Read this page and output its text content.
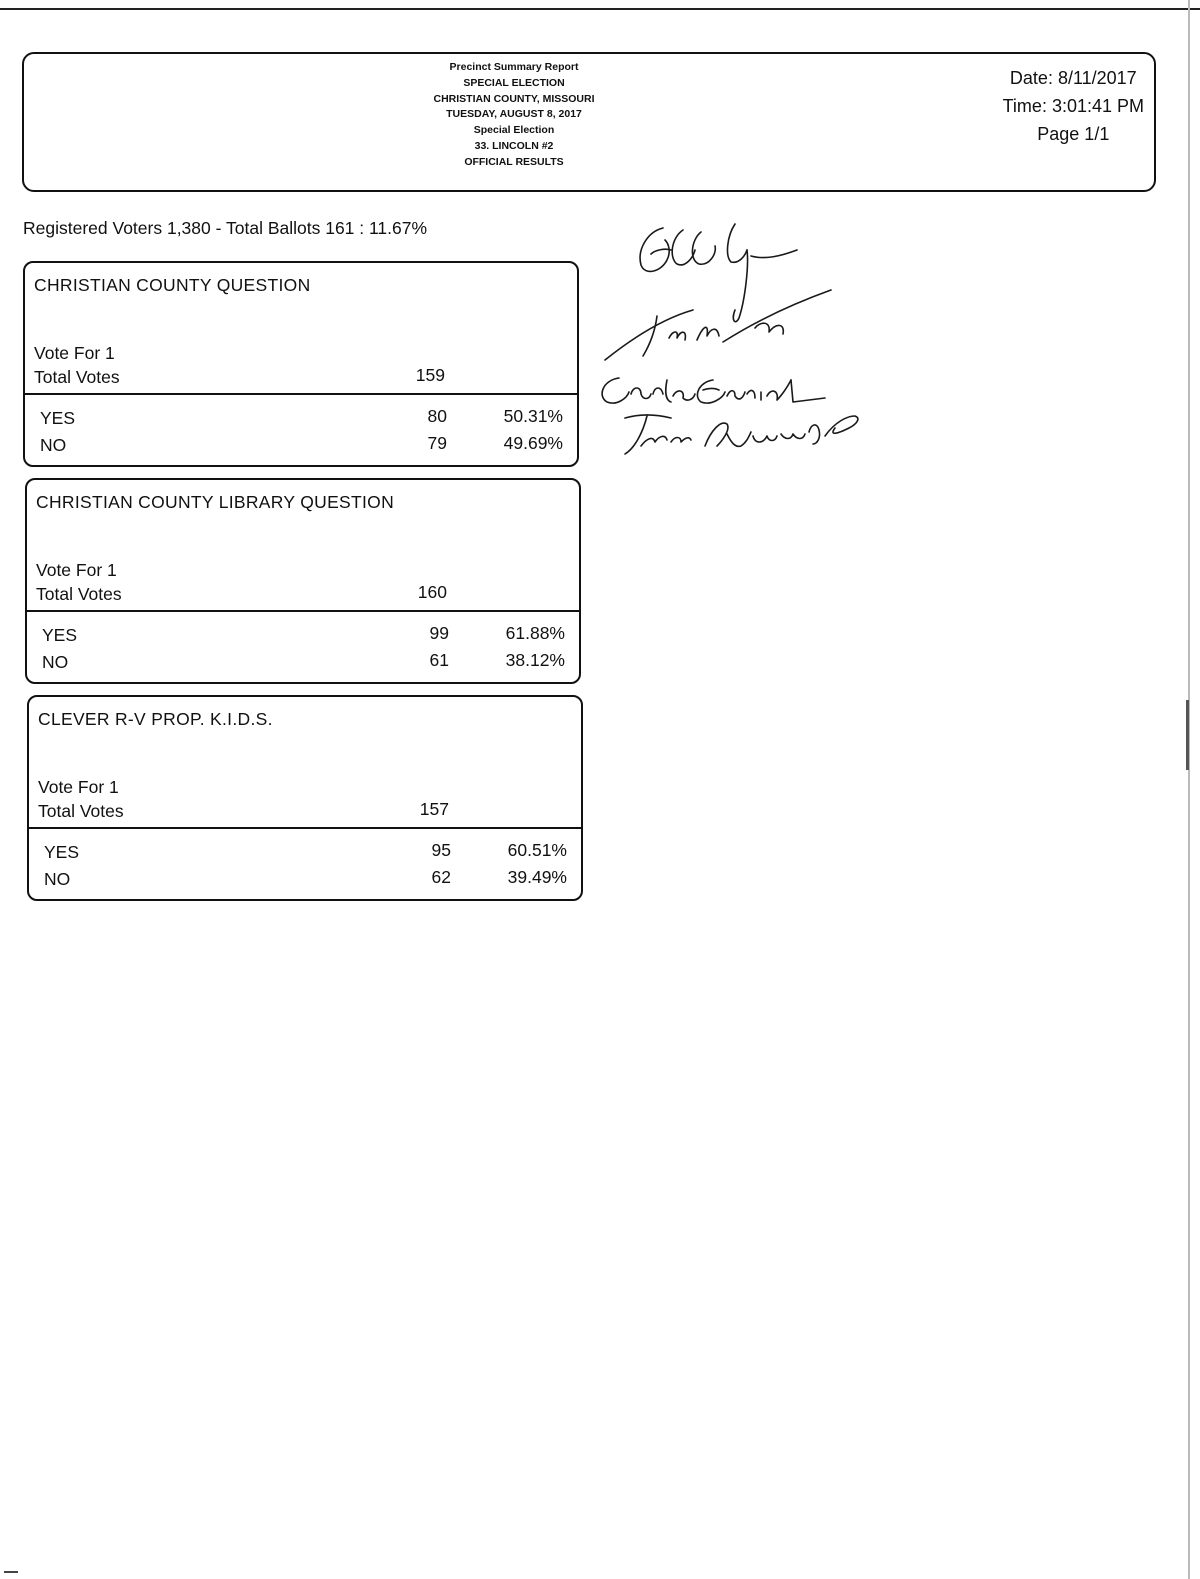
Precinct Summary Report
SPECIAL ELECTION
CHRISTIAN COUNTY, MISSOURI
TUESDAY, AUGUST 8, 2017
Special Election
33. LINCOLN #2
OFFICIAL RESULTS
Date: 8/11/2017
Time: 3:01:41 PM
Page 1/1
Registered Voters 1,380 - Total Ballots 161 : 11.67%
CHRISTIAN COUNTY QUESTION
Vote For 1
Total Votes	159
YES	80	50.31%
NO	79	49.69%
CHRISTIAN COUNTY LIBRARY QUESTION
Vote For 1
Total Votes	160
YES	99	61.88%
NO	61	38.12%
CLEVER R-V PROP. K.I.D.S.
Vote For 1
Total Votes	157
YES	95	60.51%
NO	62	39.49%
